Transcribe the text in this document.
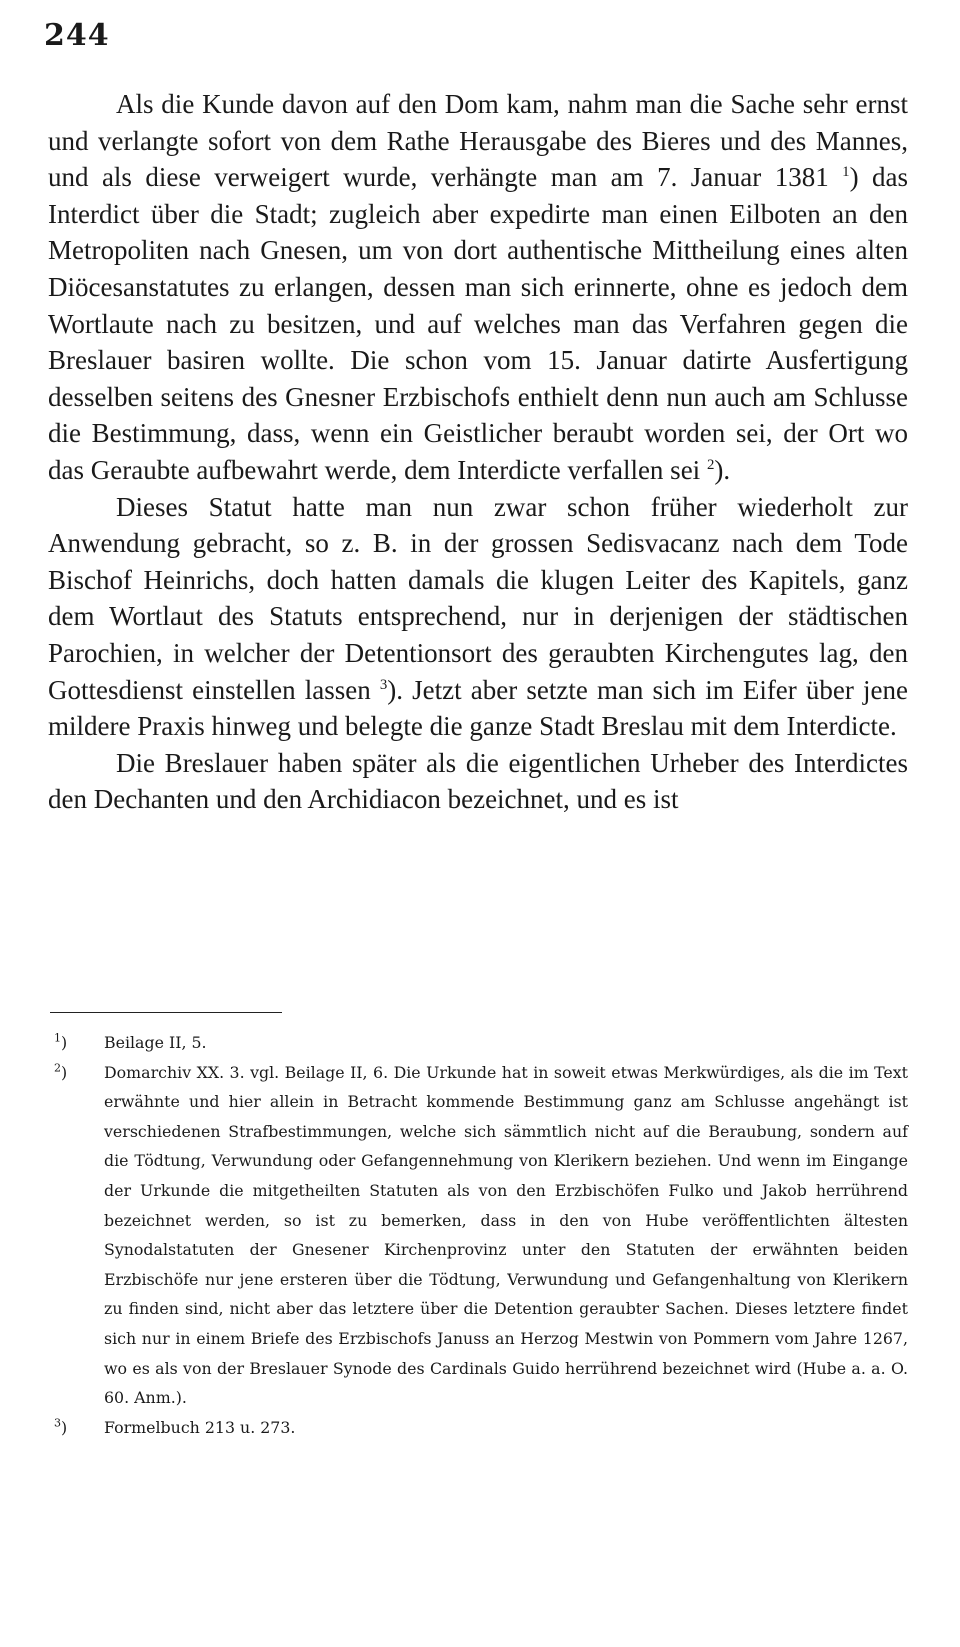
244

Als die Kunde davon auf den Dom kam, nahm man die Sache sehr ernst und verlangte sofort von dem Rathe Herausgabe des Bieres und des Mannes, und als diese verweigert wurde, verhängte man am 7. Januar 1381 $^1$) das Interdict über die Stadt; zugleich aber expedirte man einen Eilboten an den Metropoliten nach Gnesen, um von dort authentische Mittheilung eines alten Diöcesanstatutes zu erlangen, dessen man sich erinnerte, ohne es jedoch dem Wortlaute nach zu besitzen, und auf welches man das Verfahren gegen die Breslauer basiren wollte. Die schon vom 15. Januar datirte Ausfertigung desselben seitens des Gnesner Erzbischofs enthielt denn nun auch am Schlusse die Bestimmung, dass, wenn ein Geistlicher beraubt worden sei, der Ort wo das Geraubte aufbewahrt werde, dem Interdicte verfallen sei $^2$).

Dieses Statut hatte man nun zwar schon früher wiederholt zur Anwendung gebracht, so z. B. in der grossen Sedisvacanz nach dem Tode Bischof Heinrichs, doch hatten damals die klugen Leiter des Kapitels, ganz dem Wortlaut des Statuts entsprechend, nur in derjenigen der städtischen Parochien, in welcher der Detentionsort des geraubten Kirchengutes lag, den Gottesdienst einstellen lassen $^3$). Jetzt aber setzte man sich im Eifer über jene mildere Praxis hinweg und belegte die ganze Stadt Breslau mit dem Interdicte.

Die Breslauer haben später als die eigentlichen Urheber des Interdictes den Dechanten und den Archidiacon bezeichnet, und es ist

$^1$) Beilage II, 5.
$^2$) Domarchiv XX. 3. vgl. Beilage II, 6. Die Urkunde hat in soweit etwas Merkwürdiges, als die im Text erwähnte und hier allein in Betracht kommende Bestimmung ganz am Schlusse angehängt ist verschiedenen Strafbestimmungen, welche sich sämmtlich nicht auf die Beraubung, sondern auf die Tödtung, Verwundung oder Gefangennehmung von Klerikern beziehen. Und wenn im Eingange der Urkunde die mitgetheilten Statuten als von den Erzbischöfen Fulko und Jakob herrührend bezeichnet werden, so ist zu bemerken, dass in den von Hube veröffentlichten ältesten Synodalstatuten der Gnesener Kirchenprovinz unter den Statuten der erwähnten beiden Erzbischöfe nur jene ersteren über die Tödtung, Verwundung und Gefangenhaltung von Klerikern zu finden sind, nicht aber das letztere über die Detention geraubter Sachen. Dieses letztere findet sich nur in einem Briefe des Erzbischofs Januss an Herzog Mestwin von Pommern vom Jahre 1267, wo es als von der Breslauer Synode des Cardinals Guido herrührend bezeichnet wird (Hube a. a. O. 60. Anm.).
$^3$) Formelbuch 213 u. 273.
